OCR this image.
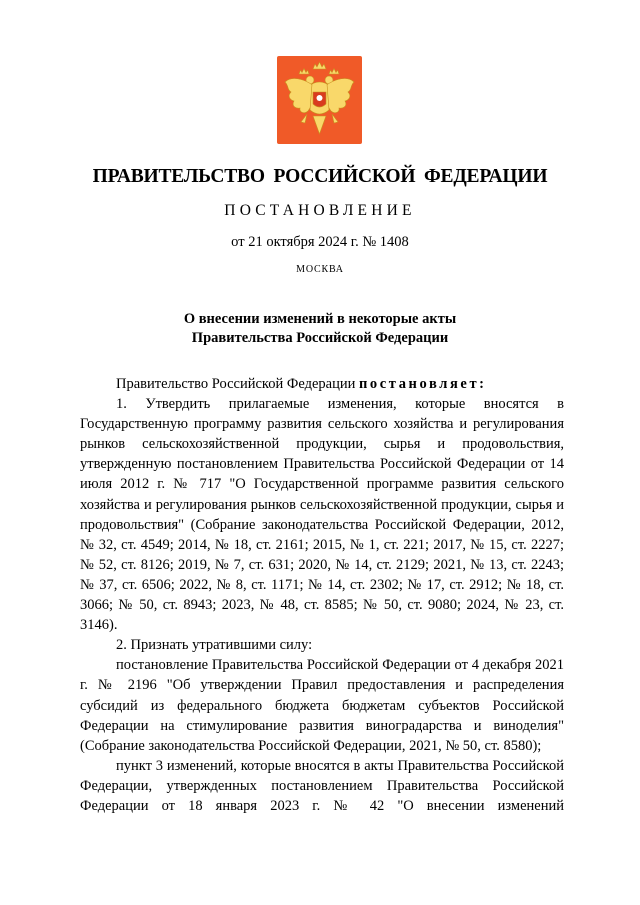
ПРАВИТЕЛЬСТВО РОССИЙСКОЙ ФЕДЕРАЦИИ
ПОСТАНОВЛЕНИЕ
от 21 октября 2024 г. № 1408
МОСКВА
О внесении изменений в некоторые акты
Правительства Российской Федерации

Правительство Российской Федерации постановляет:

1. Утвердить прилагаемые изменения, которые вносятся в Государственную программу развития сельского хозяйства и регулирования рынков сельскохозяйственной продукции, сырья и продовольствия, утвержденную постановлением Правительства Российской Федерации от 14 июля 2012 г. № 717 "О Государственной программе развития сельского хозяйства и регулирования рынков сельскохозяйственной продукции, сырья и продовольствия" (Собрание законодательства Российской Федерации, 2012, № 32, ст. 4549; 2014, № 18, ст. 2161; 2015, № 1, ст. 221; 2017, № 15, ст. 2227; № 52, ст. 8126; 2019, № 7, ст. 631; 2020, № 14, ст. 2129; 2021, № 13, ст. 2243; № 37, ст. 6506; 2022, № 8, ст. 1171; № 14, ст. 2302; № 17, ст. 2912; № 18, ст. 3066; № 50, ст. 8943; 2023, № 48, ст. 8585; № 50, ст. 9080; 2024, № 23, ст. 3146).

2. Признать утратившими силу:

постановление Правительства Российской Федерации от 4 декабря 2021 г. № 2196 "Об утверждении Правил предоставления и распределения субсидий из федерального бюджета бюджетам субъектов Российской Федерации на стимулирование развития виноградарства и виноделия" (Собрание законодательства Российской Федерации, 2021, № 50, ст. 8580);

пункт 3 изменений, которые вносятся в акты Правительства Российской Федерации, утвержденных постановлением Правительства Российской Федерации от 18 января 2023 г. № 42 "О внесении изменений
